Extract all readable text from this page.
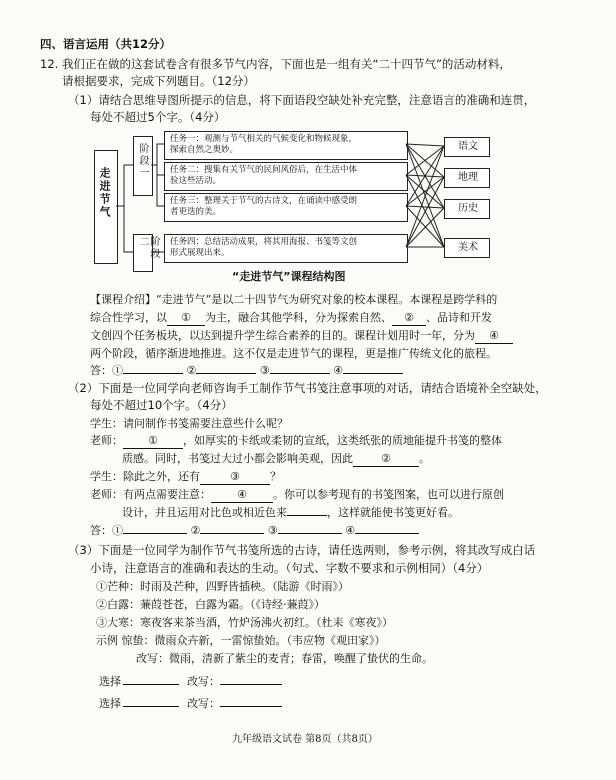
四、语言运用（共12分）
12. 我们正在做的这套试卷含有很多节气内容，下面也是一组有关“二十四节气”的活动材料，
请根据要求，完成下列题目。（12分）
（1）请结合思维导图所提示的信息，将下面语段空缺处补充完整，注意语言的准确和连贯，
每处不超过5个字。（4分）
走进节气
阶段一
阶段二
任务一：观测与节气相关的气候变化和物候现象，
探索自然之奥妙。
任务二：搜集有关节气的民间风俗后，在生活中体
验这些活动。
任务三：整理关于节气的古诗文，在诵读中感受朗
者更迭的美。
任务四：总结活动成果，将其用海报、书笺等文创
形式展现出来。
语文
地理
历史
美术
“走进节气”课程结构图
【课程介绍】“走进节气”是以二十四节气为研究对象的校本课程。本课程是跨学科的
综合性学习，以 ① 为主，融合其他学科，分为探索自然、 ② 、品诗和开发
文创四个任务板块，以达到提升学生综合素养的目的。课程计划用时一年，分为 ④
两个阶段，循序渐进地推进。这不仅是走进节气的课程，更是推广传统文化的旅程。
答：①	②	③	④
（2）下面是一位同学向老师咨询手工制作节气书笺注意事项的对话，请结合语境补全空缺处，
每处不超过10个字。（4分）
学生：请问制作书笺需要注意些什么呢？
老师： ① ，如厚实的卡纸或柔韧的宣纸，这类纸张的质地能提升书笺的整体
质感。同时，书笺过大过小都会影响美观，因此	②	。
学生：除此之外，还有	③	？
老师：有两点需要注意： ④ 。你可以参考现有的书笺图案，也可以进行原创
设计，并且运用对比色或相近色来	，这样就能使书笺更好看。
答：①	②	③	④
（3）下面是一位同学为制作节气书笺所选的古诗，请任选两则，参考示例，将其改写成白话
小诗，注意语言的准确和表达的生动。（句式、字数不要求和示例相同）（4分）
①芒种：时雨及芒种，四野皆插秧。（陆游《时雨》）
②白露：蒹葭苍苍，白露为霜。（《诗经·蒹葭》）
③大寒：寒夜客来茶当酒，竹炉汤沸火初红。（杜耒《寒夜》）
示例 惊蛰：微雨众卉新，一雷惊蛰始。（韦应物《观田家》）
改写：微雨，清新了紫尘的麦青；春雷，唤醒了蛰伏的生命。
选择	改写：
选择	改写：
九年级语文试卷 第8页（共8页）
